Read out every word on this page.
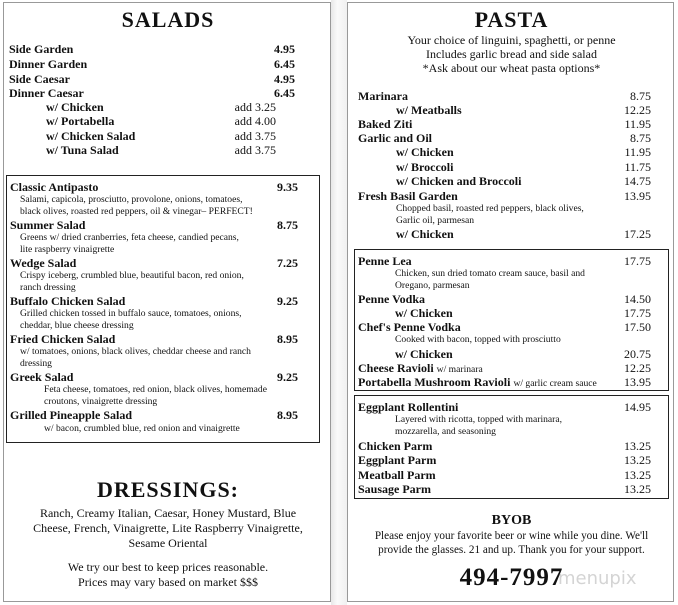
SALADS
Side Garden	4.95
Dinner Garden	6.45
Side Caesar	4.95
Dinner Caesar	6.45
w/ Chicken	add 3.25
w/ Portabella	add 4.00
w/ Chicken Salad	add 3.75
w/ Tuna Salad	add 3.75
Classic Antipasto	9.35
Salami, capicola, prosciutto, provolone, onions, tomatoes,
black olives, roasted red peppers, oil & vinegar– PERFECT!
Summer Salad	8.75
Greens w/ dried cranberries, feta cheese, candied pecans,
lite raspberry vinaigrette
Wedge Salad	7.25
Crispy iceberg, crumbled blue, beautiful bacon, red onion,
ranch dressing
Buffalo Chicken Salad	9.25
Grilled chicken tossed in buffalo sauce, tomatoes, onions,
cheddar, blue cheese dressing
Fried Chicken Salad	8.95
w/ tomatoes, onions, black olives, cheddar cheese and ranch
dressing
Greek Salad	9.25
Feta cheese, tomatoes, red onion, black olives, homemade
croutons, vinaigrette dressing
Grilled Pineapple Salad	8.95
w/ bacon, crumbled blue, red onion and vinaigrette
DRESSINGS:
Ranch, Creamy Italian, Caesar, Honey Mustard, Blue
Cheese, French, Vinaigrette, Lite Raspberry Vinaigrette,
Sesame Oriental
We try our best to keep prices reasonable.
Prices may vary based on market $$$
PASTA
Your choice of linguini, spaghetti, or penne
Includes garlic bread and side salad
*Ask about our wheat pasta options*
Marinara	8.75
w/ Meatballs	12.25
Baked Ziti	11.95
Garlic and Oil	8.75
w/ Chicken	11.95
w/ Broccoli	11.75
w/ Chicken and Broccoli	14.75
Fresh Basil Garden	13.95
Chopped basil, roasted red peppers, black olives,
Garlic oil, parmesan
w/ Chicken	17.25
Penne Lea	17.75
Chicken, sun dried tomato cream sauce, basil and
Oregano, parmesan
Penne Vodka	14.50
w/ Chicken	17.75
Chef's Penne Vodka	17.50
Cooked with bacon, topped with prosciutto
w/ Chicken	20.75
Cheese Ravioli w/ marinara	12.25
Portabella Mushroom Ravioli w/ garlic cream sauce 13.95
Eggplant Rollentini	14.95
Layered with ricotta, topped with marinara,
mozzarella, and seasoning
Chicken Parm	13.25
Eggplant Parm	13.25
Meatball Parm	13.25
Sausage Parm	13.25
BYOB
Please enjoy your favorite beer or wine while you dine. We'll
provide the glasses. 21 and up. Thank you for your support.
494-7997
menupix
